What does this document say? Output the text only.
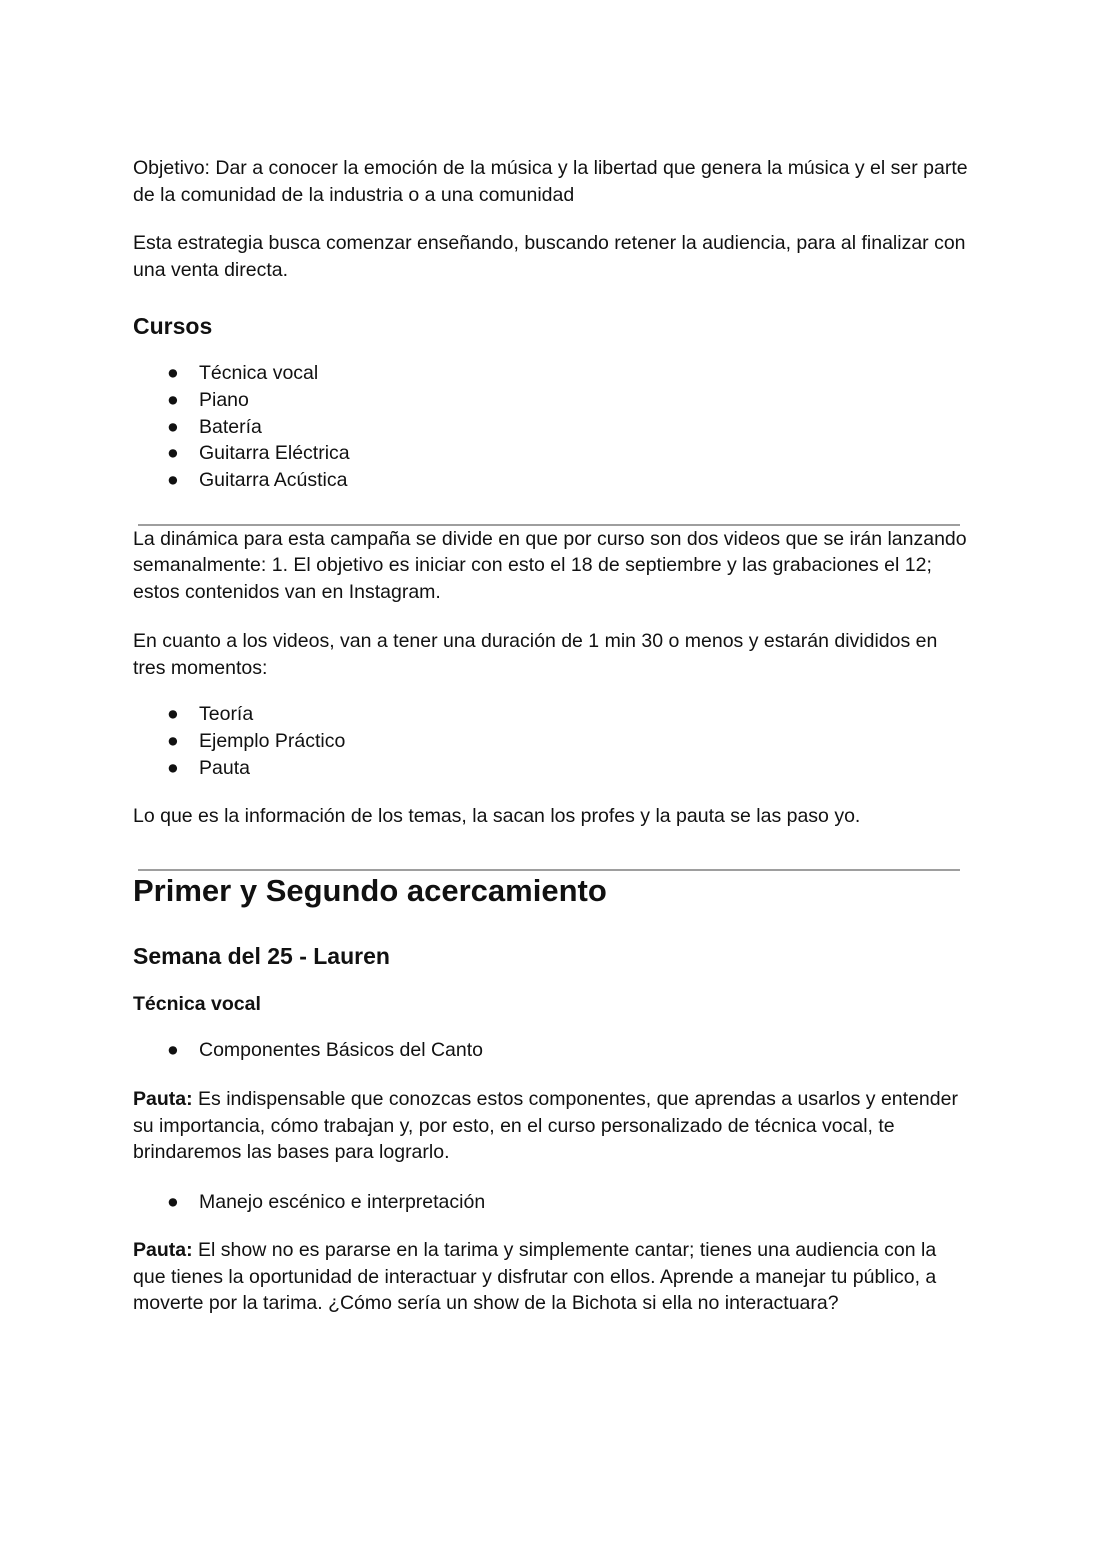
Objetivo: Dar a conocer la emoción de la música y la libertad que genera la música y el ser parte de la comunidad de la industria o a una comunidad

Esta estrategia busca comenzar enseñando, buscando retener la audiencia, para al finalizar con una venta directa.

Cursos
● Técnica vocal
● Piano
● Batería
● Guitarra Eléctrica
● Guitarra Acústica

La dinámica para esta campaña se divide en que por curso son dos videos que se irán lanzando semanalmente: 1. El objetivo es iniciar con esto el 18 de septiembre y las grabaciones el 12; estos contenidos van en Instagram.

En cuanto a los videos, van a tener una duración de 1 min 30 o menos y estarán divididos en tres momentos:

● Teoría
● Ejemplo Práctico
● Pauta

Lo que es la información de los temas, la sacan los profes y la pauta se las paso yo.

Primer y Segundo acercamiento
Semana del 25 - Lauren
Técnica vocal
● Componentes Básicos del Canto

Pauta: Es indispensable que conozcas estos componentes, que aprendas a usarlos y entender su importancia, cómo trabajan y, por esto, en el curso personalizado de técnica vocal, te brindaremos las bases para lograrlo.

● Manejo escénico e interpretación

Pauta: El show no es pararse en la tarima y simplemente cantar; tienes una audiencia con la que tienes la oportunidad de interactuar y disfrutar con ellos. Aprende a manejar tu público, a moverte por la tarima. ¿Cómo sería un show de la Bichota si ella no interactuara?
